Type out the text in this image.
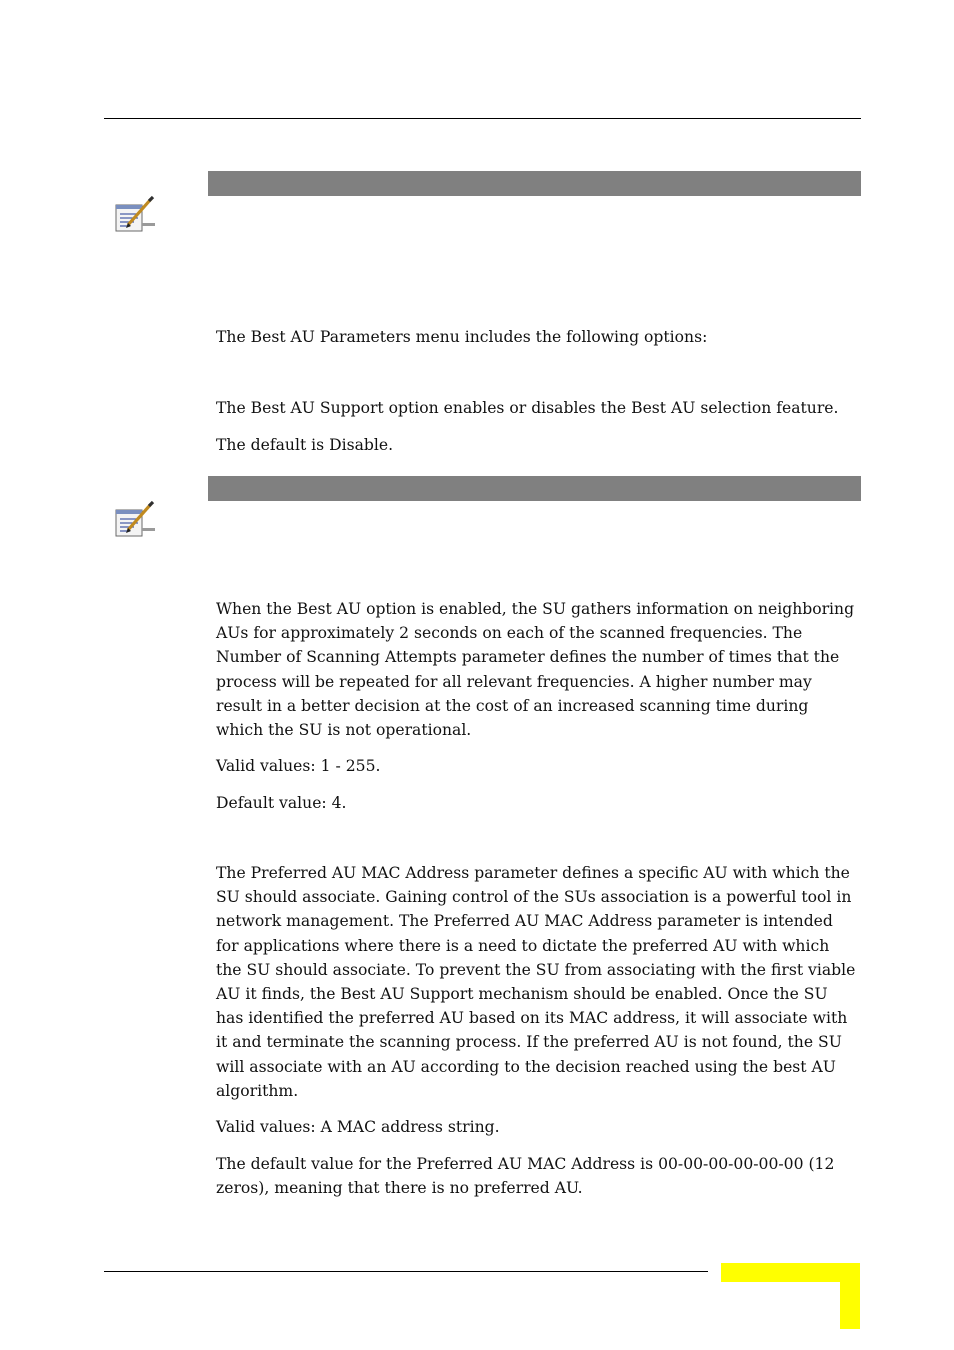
The Best AU Parameters menu includes the following options:

The Best AU Support option enables or disables the Best AU selection feature.

The default is Disable.

When the Best AU option is enabled, the SU gathers information on neighboring AUs for approximately 2 seconds on each of the scanned frequencies. The Number of Scanning Attempts parameter defines the number of times that the process will be repeated for all relevant frequencies. A higher number may result in a better decision at the cost of an increased scanning time during which the SU is not operational.

Valid values: 1 - 255.

Default value: 4.

The Preferred AU MAC Address parameter defines a specific AU with which the SU should associate. Gaining control of the SUs association is a powerful tool in network management. The Preferred AU MAC Address parameter is intended for applications where there is a need to dictate the preferred AU with which the SU should associate. To prevent the SU from associating with the first viable AU it finds, the Best AU Support mechanism should be enabled. Once the SU has identified the preferred AU based on its MAC address, it will associate with it and terminate the scanning process. If the preferred AU is not found, the SU will associate with an AU according to the decision reached using the best AU algorithm.

Valid values: A MAC address string.

The default value for the Preferred AU MAC Address is 00-00-00-00-00-00 (12 zeros), meaning that there is no preferred AU.
